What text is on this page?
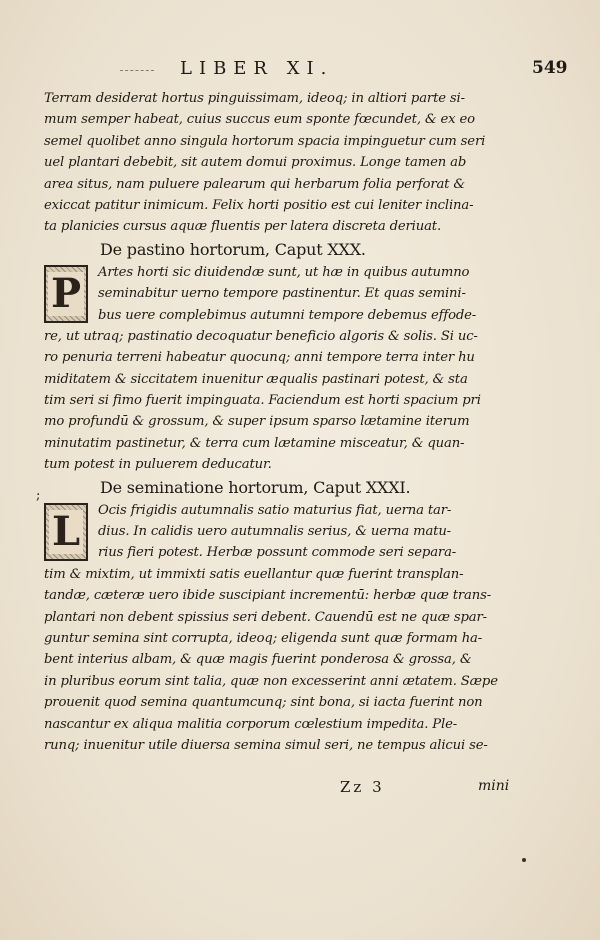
LIBER XI.	549
Terram desiderat hortus pinguissimam, ideoq; in altiori parte si-
mum semper habeat, cuius succus eum sponte fœcundet, & ex eo
semel quolibet anno singula hortorum spacia impinguetur cum seri
uel plantari debebit, sit autem domui proximus. Longe tamen ab
area situs, nam puluere palearum qui herbarum folia perforat &
exiccat patitur inimicum. Felix horti positio est cui leniter inclina-
ta planicies cursus aquæ fluentis per latera discreta deriuat.
De pastino hortorum, Caput XXX.
P	Artes horti sic diuidendæ sunt, ut hæ in quibus autumno
seminabitur uerno tempore pastinentur. Et quas semini-
bus uere complebimus autumni tempore debemus effode-
re, ut utraq; pastinatio decoquatur beneficio algoris & solis. Si uc-
ro penuria terreni habeatur quocunq; anni tempore terra inter hu
miditatem & siccitatem inuenitur æqualis pastinari potest, & sta
tim seri si fimo fuerit impinguata. Faciendum est horti spacium pri
mo profundū & grossum, & super ipsum sparso lætamine iterum
minutatim pastinetur, & terra cum lætamine misceatur, & quan-
tum potest in puluerem deducatur.
De seminatione hortorum, Caput XXXI.
L	Ocis frigidis autumnalis satio maturius fiat, uerna tar-
dius. In calidis uero autumnalis serius, & uerna matu-
rius fieri potest. Herbæ possunt commode seri separa-
tim & mixtim, ut immixti satis euellantur quæ fuerint transplan-
tandæ, cæteræ uero ibide suscipiant incrementū: herbæ quæ trans-
plantari non debent spissius seri debent. Cauendū est ne quæ spar-
guntur semina sint corrupta, ideoq; eligenda sunt quæ formam ha-
bent interius albam, & quæ magis fuerint ponderosa & grossa, &
in pluribus eorum sint talia, quæ non excesserint anni ætatem. Sæpe
prouenit quod semina quantumcunq; sint bona, si iacta fuerint non
nascantur ex aliqua malitia corporum cœlestium impedita. Ple-
runq; inuenitur utile diuersa semina simul seri, ne tempus alicui se-
;
Zz 3	mini
